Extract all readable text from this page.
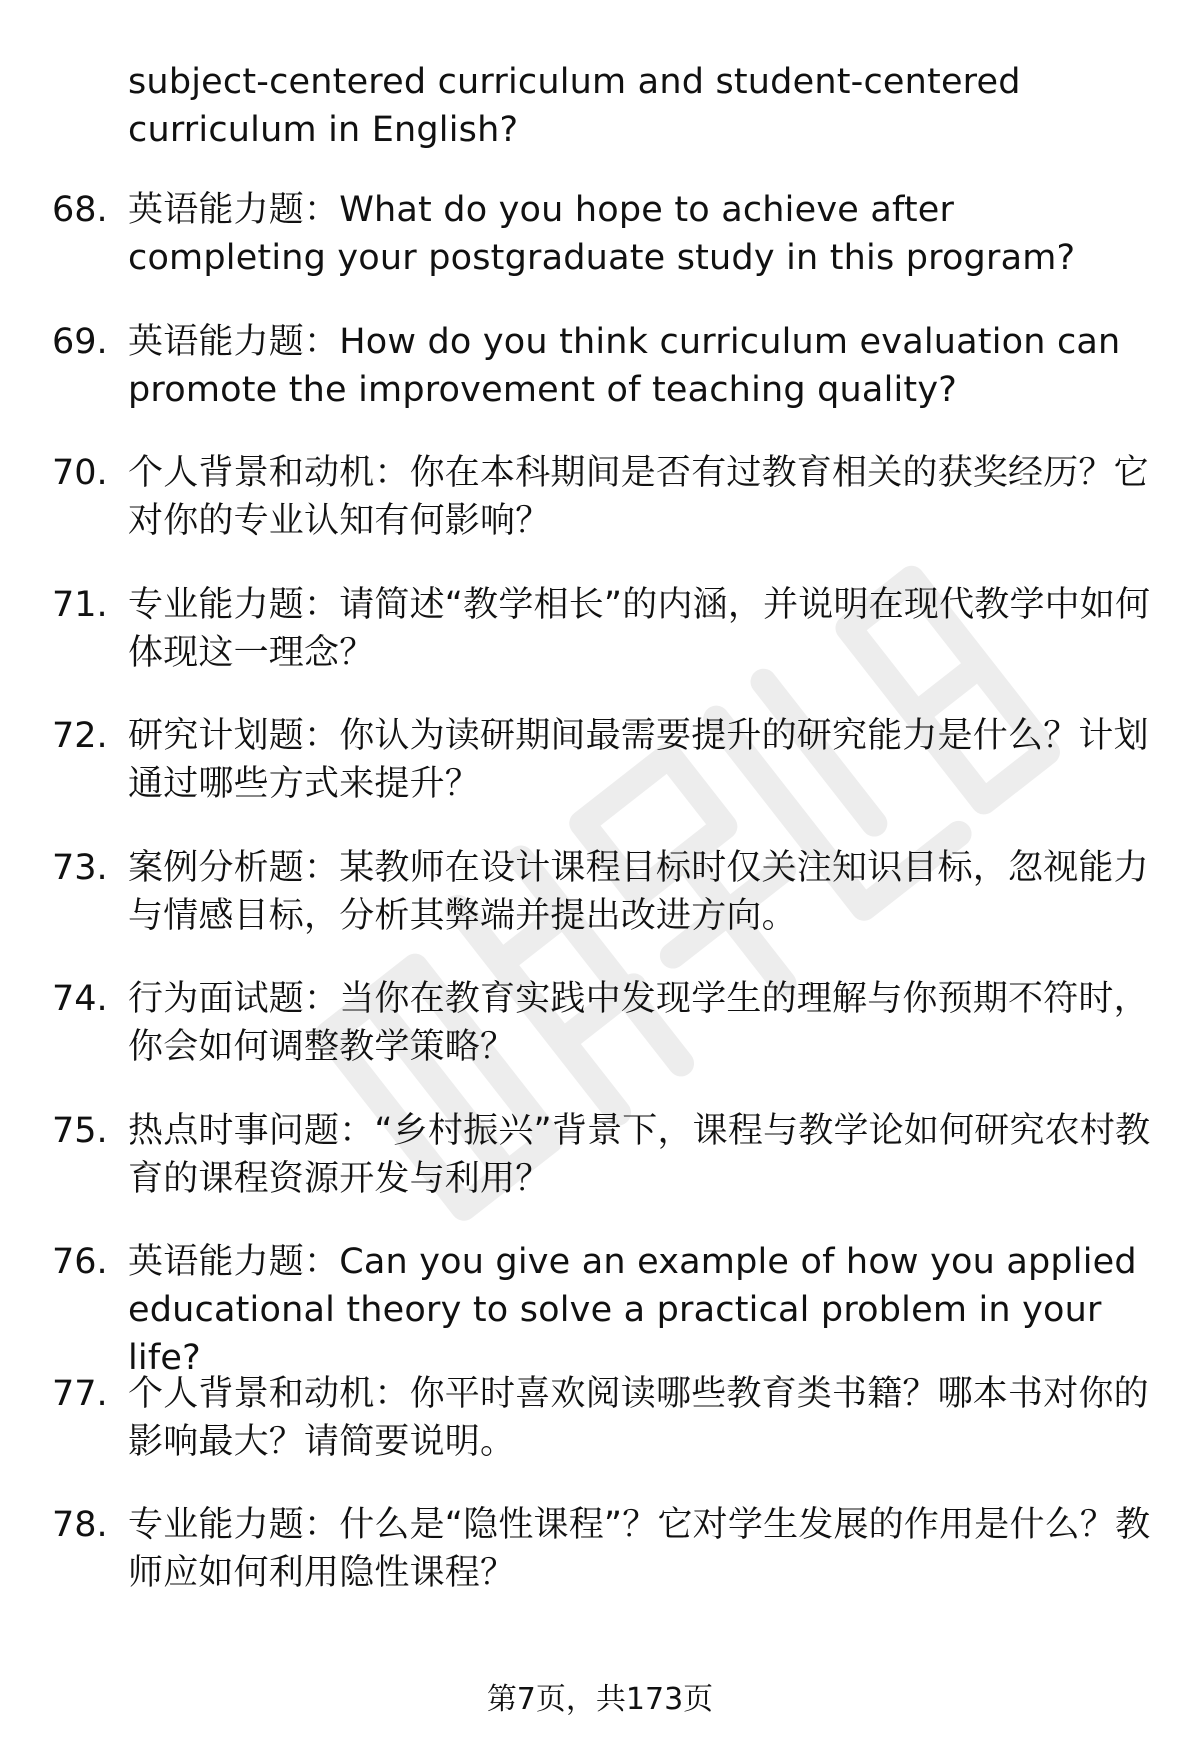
subject-centered curriculum and student-centered curriculum in English?
68. 英语能力题：What do you hope to achieve after completing your postgraduate study in this program?
69. 英语能力题：How do you think curriculum evaluation can promote the improvement of teaching quality?
70. 个人背景和动机：你在本科期间是否有过教育相关的获奖经历？它对你的专业认知有何影响？
71. 专业能力题：请简述“教学相长”的内涵，并说明在现代教学中如何体现这一理念？
72. 研究计划题：你认为读研期间最需要提升的研究能力是什么？计划通过哪些方式来提升？
73. 案例分析题：某教师在设计课程目标时仅关注知识目标，忽视能力与情感目标，分析其弊端并提出改进方向。
74. 行为面试题：当你在教育实践中发现学生的理解与你预期不符时，你会如何调整教学策略？
75. 热点时事问题：“乡村振兴”背景下，课程与教学论如何研究农村教育的课程资源开发与利用？
76. 英语能力题：Can you give an example of how you applied educational theory to solve a practical problem in your life?
77. 个人背景和动机：你平时喜欢阅读哪些教育类书籍？哪本书对你的影响最大？请简要说明。
78. 专业能力题：什么是“隐性课程”？它对学生发展的作用是什么？教师应如何利用隐性课程？
第7页，共173页
